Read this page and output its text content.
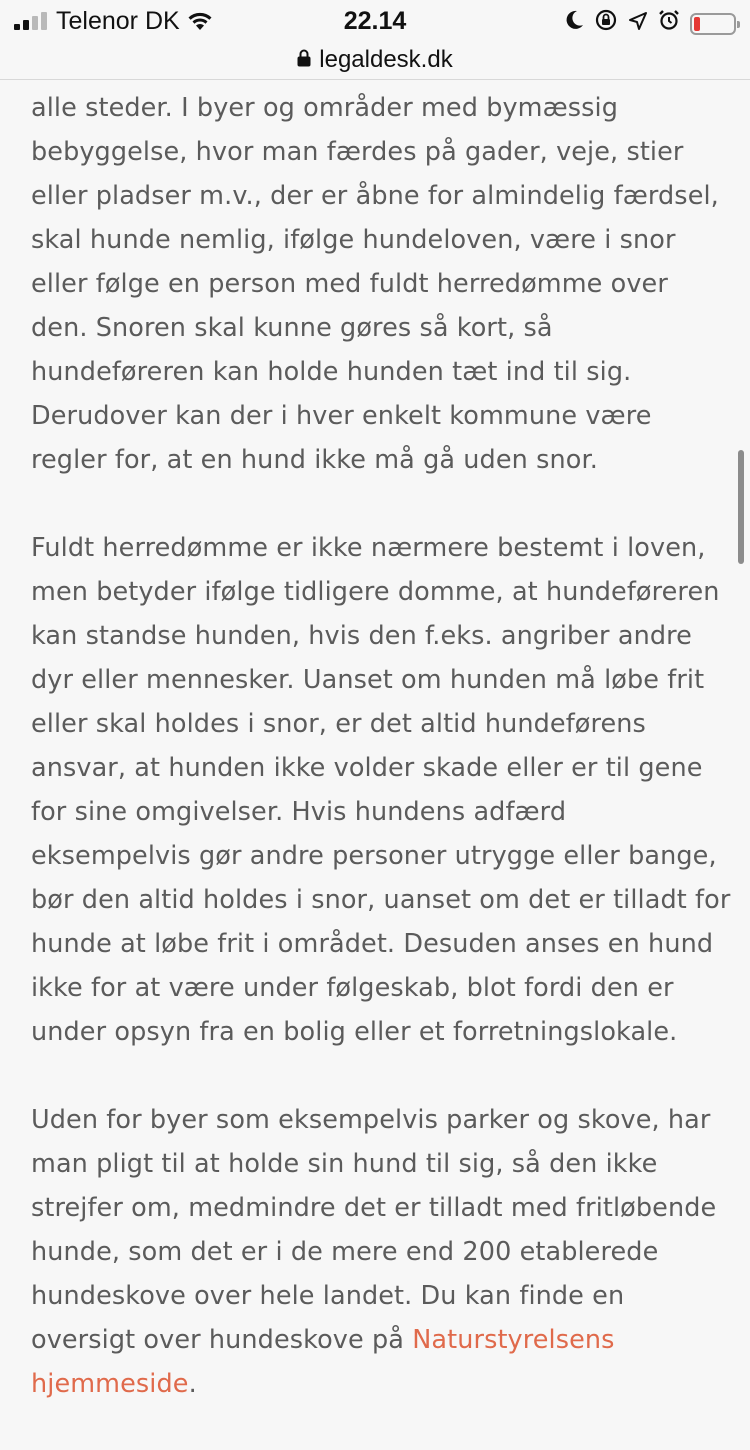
Telenor DK	22.14
legaldesk.dk

alle steder. I byer og områder med bymæssig bebyggelse, hvor man færdes på gader, veje, stier eller pladser m.v., der er åbne for almindelig færdsel, skal hunde nemlig, ifølge hundeloven, være i snor eller følge en person med fuldt herredømme over den. Snoren skal kunne gøres så kort, så hundeføreren kan holde hunden tæt ind til sig. Derudover kan der i hver enkelt kommune være regler for, at en hund ikke må gå uden snor.

Fuldt herredømme er ikke nærmere bestemt i loven, men betyder ifølge tidligere domme, at hundeføreren kan standse hunden, hvis den f.eks. angriber andre dyr eller mennesker. Uanset om hunden må løbe frit eller skal holdes i snor, er det altid hundeførens ansvar, at hunden ikke volder skade eller er til gene for sine omgivelser. Hvis hundens adfærd eksempelvis gør andre personer utrygge eller bange, bør den altid holdes i snor, uanset om det er tilladt for hunde at løbe frit i området. Desuden anses en hund ikke for at være under følgeskab, blot fordi den er under opsyn fra en bolig eller et forretningslokale.

Uden for byer som eksempelvis parker og skove, har man pligt til at holde sin hund til sig, så den ikke strejfer om, medmindre det er tilladt med fritløbende hunde, som det er i de mere end 200 etablerede hundeskove over hele landet. Du kan finde en oversigt over hundeskove på Naturstyrelsens hjemmeside.
